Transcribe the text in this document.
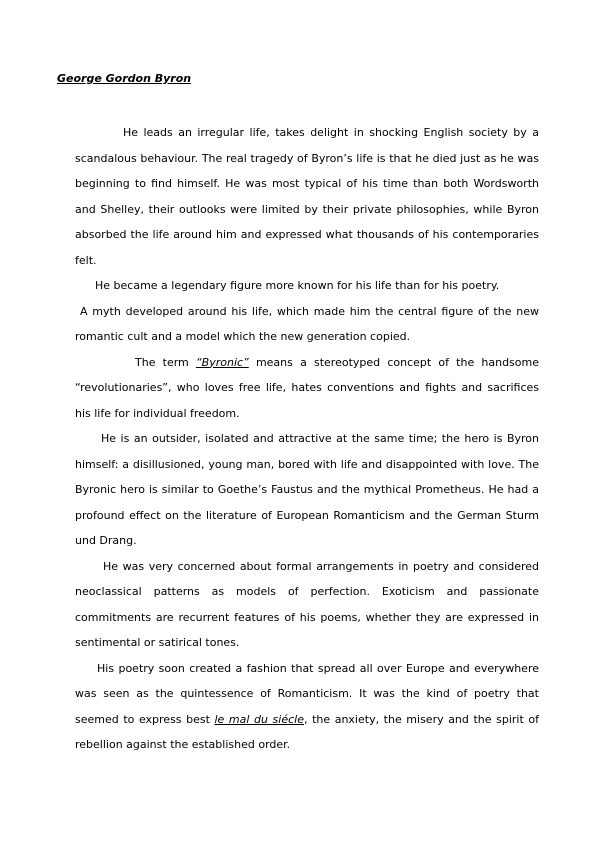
George Gordon Byron

He leads an irregular life, takes delight in shocking English society by a scandalous behaviour. The real tragedy of Byron’s life is that he died just as he was beginning to find himself. He was most typical of his time than both Wordsworth and Shelley, their outlooks were limited by their private philosophies, while Byron absorbed the life around him and expressed what thousands of his contemporaries felt.

He became a legendary figure more known for his life than for his poetry.

A myth developed around his life, which made him the central figure of the new romantic cult and a model which the new generation copied.

The term “Byronic” means a stereotyped concept of the handsome “revolutionaries”, who loves free life, hates conventions and fights and sacrifices his life for individual freedom.

He is an outsider, isolated and attractive at the same time; the hero is Byron himself: a disillusioned, young man, bored with life and disappointed with love. The Byronic hero is similar to Goethe’s Faustus and the mythical Prometheus. He had a profound effect on the literature of European Romanticism and the German Sturm und Drang.

He was very concerned about formal arrangements in poetry and considered neoclassical patterns as models of perfection. Exoticism and passionate commitments are recurrent features of his poems, whether they are expressed in sentimental or satirical tones.

His poetry soon created a fashion that spread all over Europe and everywhere was seen as the quintessence of Romanticism. It was the kind of poetry that seemed to express best le mal du siécle, the anxiety, the misery and the spirit of rebellion against the established order.
